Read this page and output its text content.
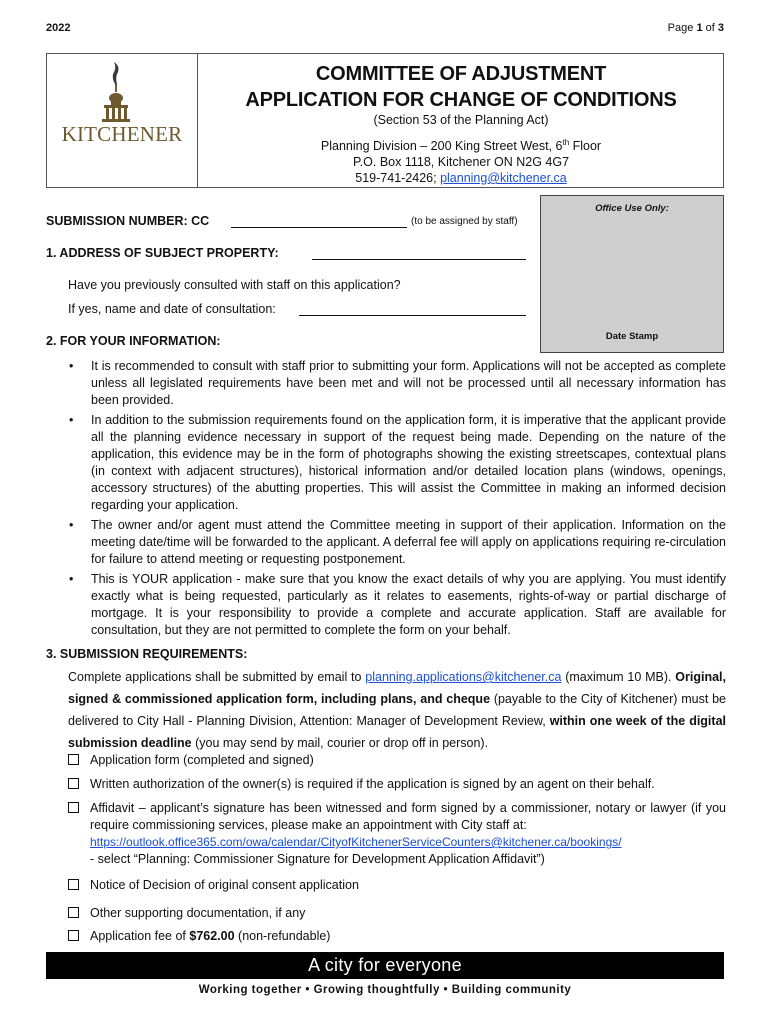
2022	Page 1 of 3
KITCHENER
COMMITTEE OF ADJUSTMENT
APPLICATION FOR CHANGE OF CONDITIONS
(Section 53 of the Planning Act)
Planning Division – 200 King Street West, 6th Floor
P.O. Box 1118, Kitchener ON N2G 4G7
519-741-2426; planning@kitchener.ca
Office Use Only:
Date Stamp
SUBMISSION NUMBER: CC	(to be assigned by staff)
1. ADDRESS OF SUBJECT PROPERTY:
Have you previously consulted with staff on this application?
If yes, name and date of consultation:
2. FOR YOUR INFORMATION:
• It is recommended to consult with staff prior to submitting your form. Applications will not be accepted as complete unless all legislated requirements have been met and will not be processed until all necessary information has been provided.
• In addition to the submission requirements found on the application form, it is imperative that the applicant provide all the planning evidence necessary in support of the request being made. Depending on the nature of the application, this evidence may be in the form of photographs showing the existing streetscapes, contextual plans (in context with adjacent structures), historical information and/or detailed location plans (windows, openings, accessory structures) of the abutting properties. This will assist the Committee in making an informed decision regarding your application.
• The owner and/or agent must attend the Committee meeting in support of their application. Information on the meeting date/time will be forwarded to the applicant. A deferral fee will apply on applications requiring re-circulation for failure to attend meeting or requesting postponement.
• This is YOUR application - make sure that you know the exact details of why you are applying. You must identify exactly what is being requested, particularly as it relates to easements, rights-of-way or partial discharge of mortgage. It is your responsibility to provide a complete and accurate application. Staff are available for consultation, but they are not permitted to complete the form on your behalf.
3. SUBMISSION REQUIREMENTS:
Complete applications shall be submitted by email to planning.applications@kitchener.ca (maximum 10 MB). Original, signed & commissioned application form, including plans, and cheque (payable to the City of Kitchener) must be delivered to City Hall - Planning Division, Attention: Manager of Development Review, within one week of the digital submission deadline (you may send by mail, courier or drop off in person).
Application form (completed and signed)
Written authorization of the owner(s) is required if the application is signed by an agent on their behalf.
Affidavit – applicant’s signature has been witnessed and form signed by a commissioner, notary or lawyer (if you require commissioning services, please make an appointment with City staff at:
https://outlook.office365.com/owa/calendar/CityofKitchenerServiceCounters@kitchener.ca/bookings/
- select “Planning: Commissioner Signature for Development Application Affidavit”)
Notice of Decision of original consent application
Other supporting documentation, if any
Application fee of $762.00 (non-refundable)
A city for everyone
Working together • Growing thoughtfully • Building community
